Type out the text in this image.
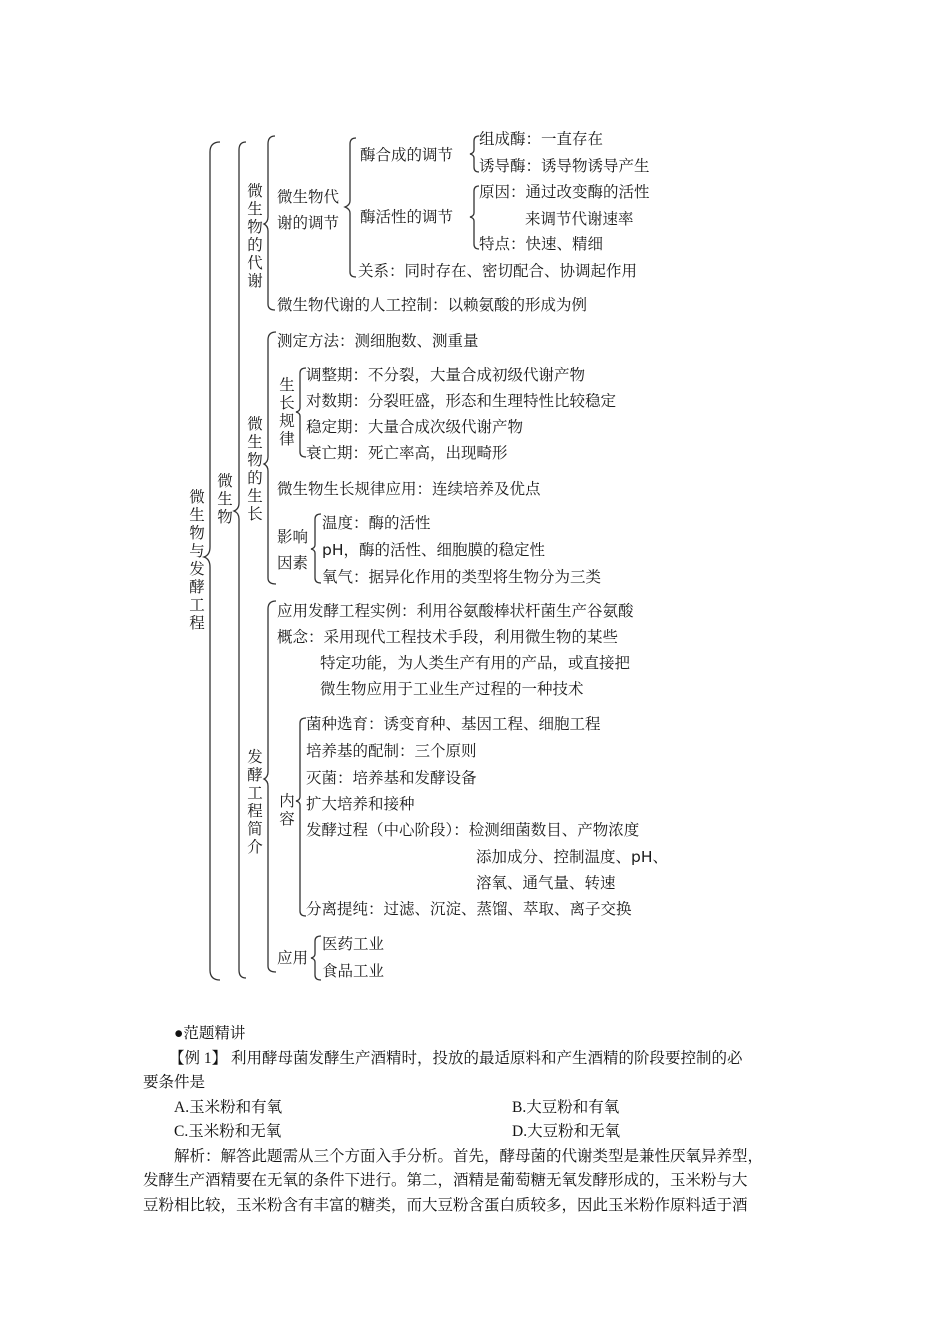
微
生
物
与
发
酵
工
程
微
生
物
微
生
物
的
代
谢
微
生
物
的
生
长
发
酵
工
程
简
介
生
长
规
律
内
容
微生物代
谢的调节
酶合成的调节
组成酶：一直存在
诱导酶：诱导物诱导产生
酶活性的调节
原因：通过改变酶的活性
来调节代谢速率
特点：快速、精细
关系：同时存在、密切配合、协调起作用
微生物代谢的人工控制：以赖氨酸的形成为例
测定方法：测细胞数、测重量
调整期：不分裂，大量合成初级代谢产物
对数期：分裂旺盛，形态和生理特性比较稳定
稳定期：大量合成次级代谢产物
衰亡期：死亡率高，出现畸形
微生物生长规律应用：连续培养及优点
影响
因素
温度：酶的活性
pH，酶的活性、细胞膜的稳定性
氧气：据异化作用的类型将生物分为三类
应用发酵工程实例：利用谷氨酸棒状杆菌生产谷氨酸
概念：采用现代工程技术手段，利用微生物的某些
特定功能，为人类生产有用的产品，或直接把
微生物应用于工业生产过程的一种技术
菌种选育：诱变育种、基因工程、细胞工程
培养基的配制：三个原则
灭菌：培养基和发酵设备
扩大培养和接种
发酵过程（中心阶段）：检测细菌数目、产物浓度
添加成分、控制温度、pH、
溶氧、通气量、转速
分离提纯：过滤、沉淀、蒸馏、萃取、离子交换
应用
医药工业
食品工业

●范题精讲

【例 1】 利用酵母菌发酵生产酒精时，投放的最适原料和产生酒精的阶段要控制的必

要条件是

A.玉米粉和有氧	B.大豆粉和有氧
C.玉米粉和无氧	D.大豆粉和无氧

解析：解答此题需从三个方面入手分析。首先，酵母菌的代谢类型是兼性厌氧异养型，

发酵生产酒精要在无氧的条件下进行。第二，酒精是葡萄糖无氧发酵形成的，玉米粉与大

豆粉相比较，玉米粉含有丰富的糖类，而大豆粉含蛋白质较多，因此玉米粉作原料适于酒
